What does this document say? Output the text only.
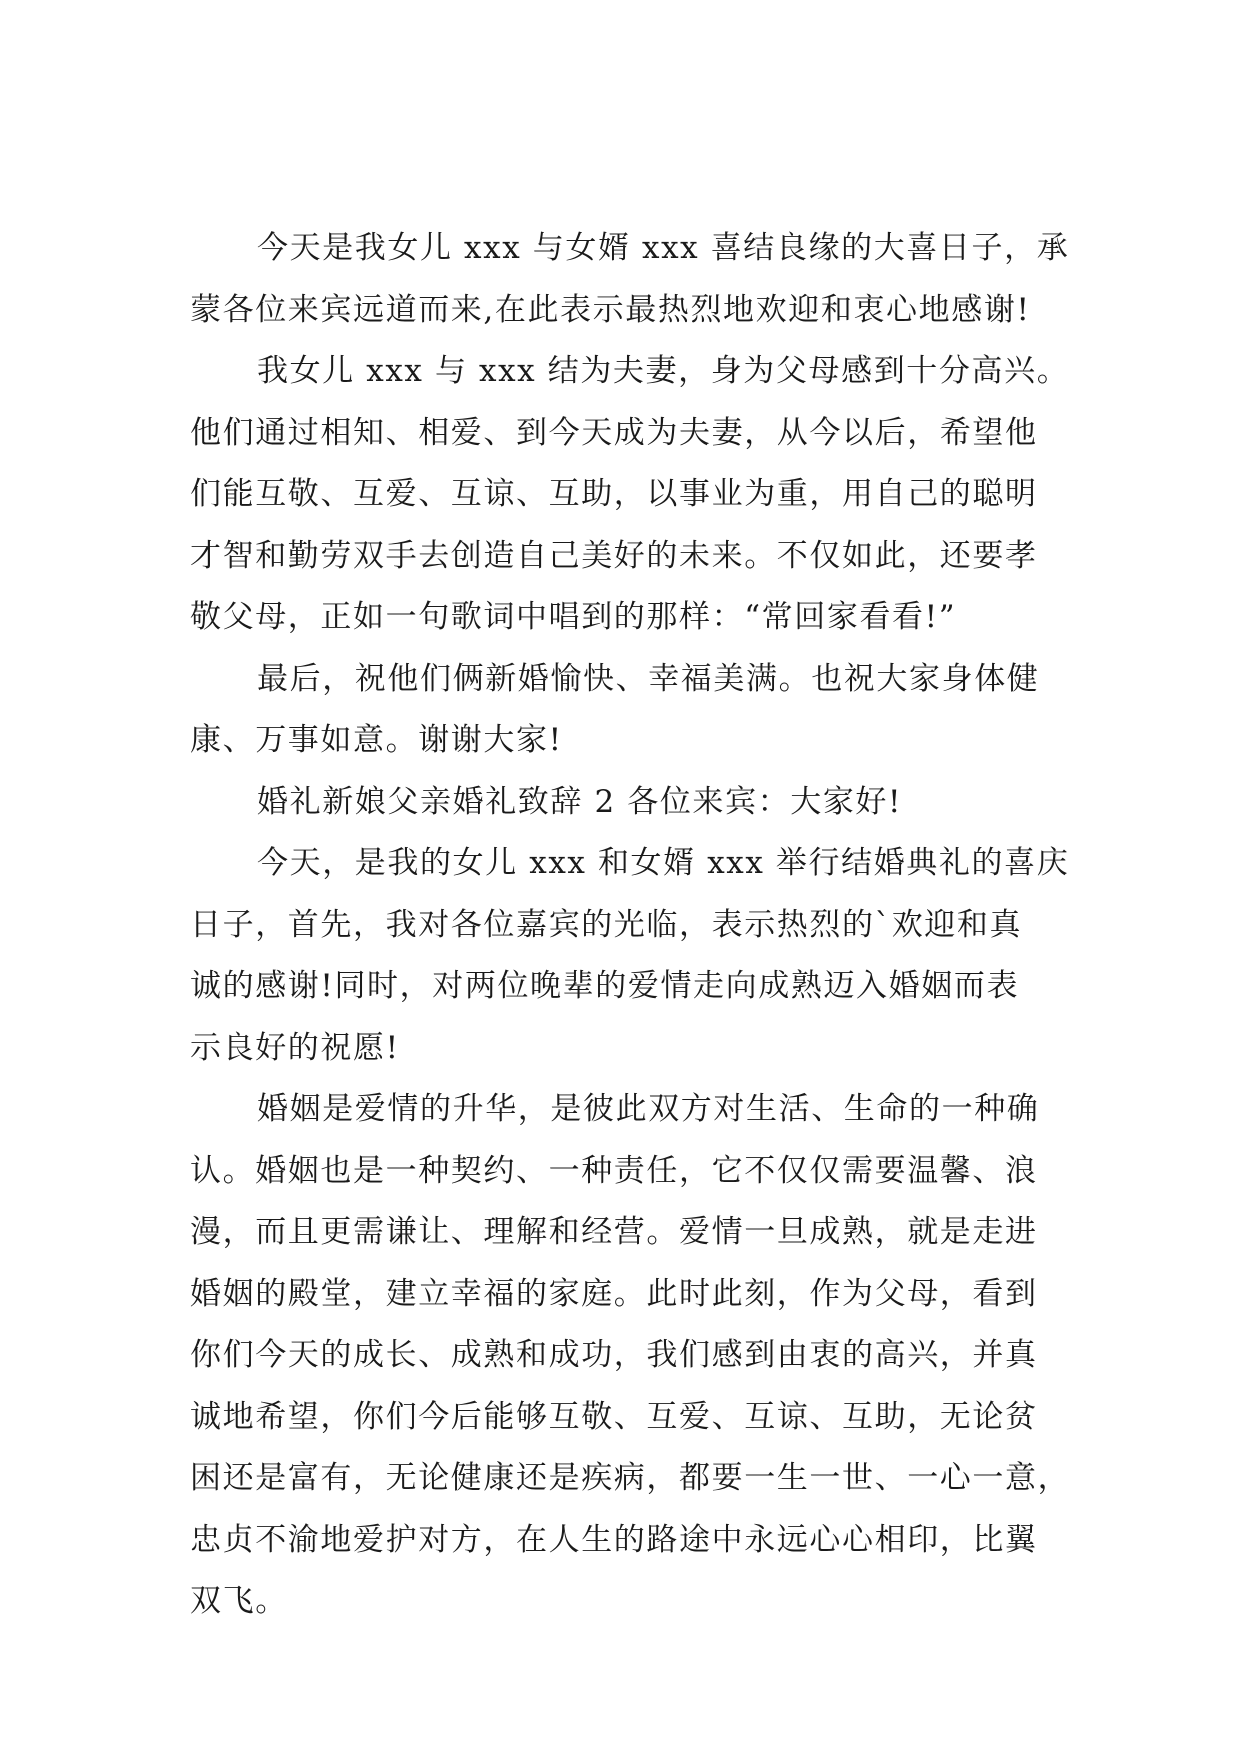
今天是我女儿 xxx 与女婿 xxx 喜结良缘的大喜日子，承
蒙各位来宾远道而来,在此表示最热烈地欢迎和衷心地感谢!
我女儿 xxx 与 xxx 结为夫妻，身为父母感到十分高兴。
他们通过相知、相爱、到今天成为夫妻，从今以后，希望他
们能互敬、互爱、互谅、互助，以事业为重，用自己的聪明
才智和勤劳双手去创造自己美好的未来。不仅如此，还要孝
敬父母，正如一句歌词中唱到的那样：“常回家看看!”
最后，祝他们俩新婚愉快、幸福美满。也祝大家身体健
康、万事如意。谢谢大家!
婚礼新娘父亲婚礼致辞 2 各位来宾：大家好!
今天，是我的女儿 xxx 和女婿 xxx 举行结婚典礼的喜庆
日子，首先，我对各位嘉宾的光临，表示热烈的`欢迎和真
诚的感谢!同时，对两位晚辈的爱情走向成熟迈入婚姻而表
示良好的祝愿!
婚姻是爱情的升华，是彼此双方对生活、生命的一种确
认。婚姻也是一种契约、一种责任，它不仅仅需要温馨、浪
漫，而且更需谦让、理解和经营。爱情一旦成熟，就是走进
婚姻的殿堂，建立幸福的家庭。此时此刻，作为父母，看到
你们今天的成长、成熟和成功，我们感到由衷的高兴，并真
诚地希望，你们今后能够互敬、互爱、互谅、互助，无论贫
困还是富有，无论健康还是疾病，都要一生一世、一心一意，
忠贞不渝地爱护对方，在人生的路途中永远心心相印，比翼
双飞。
